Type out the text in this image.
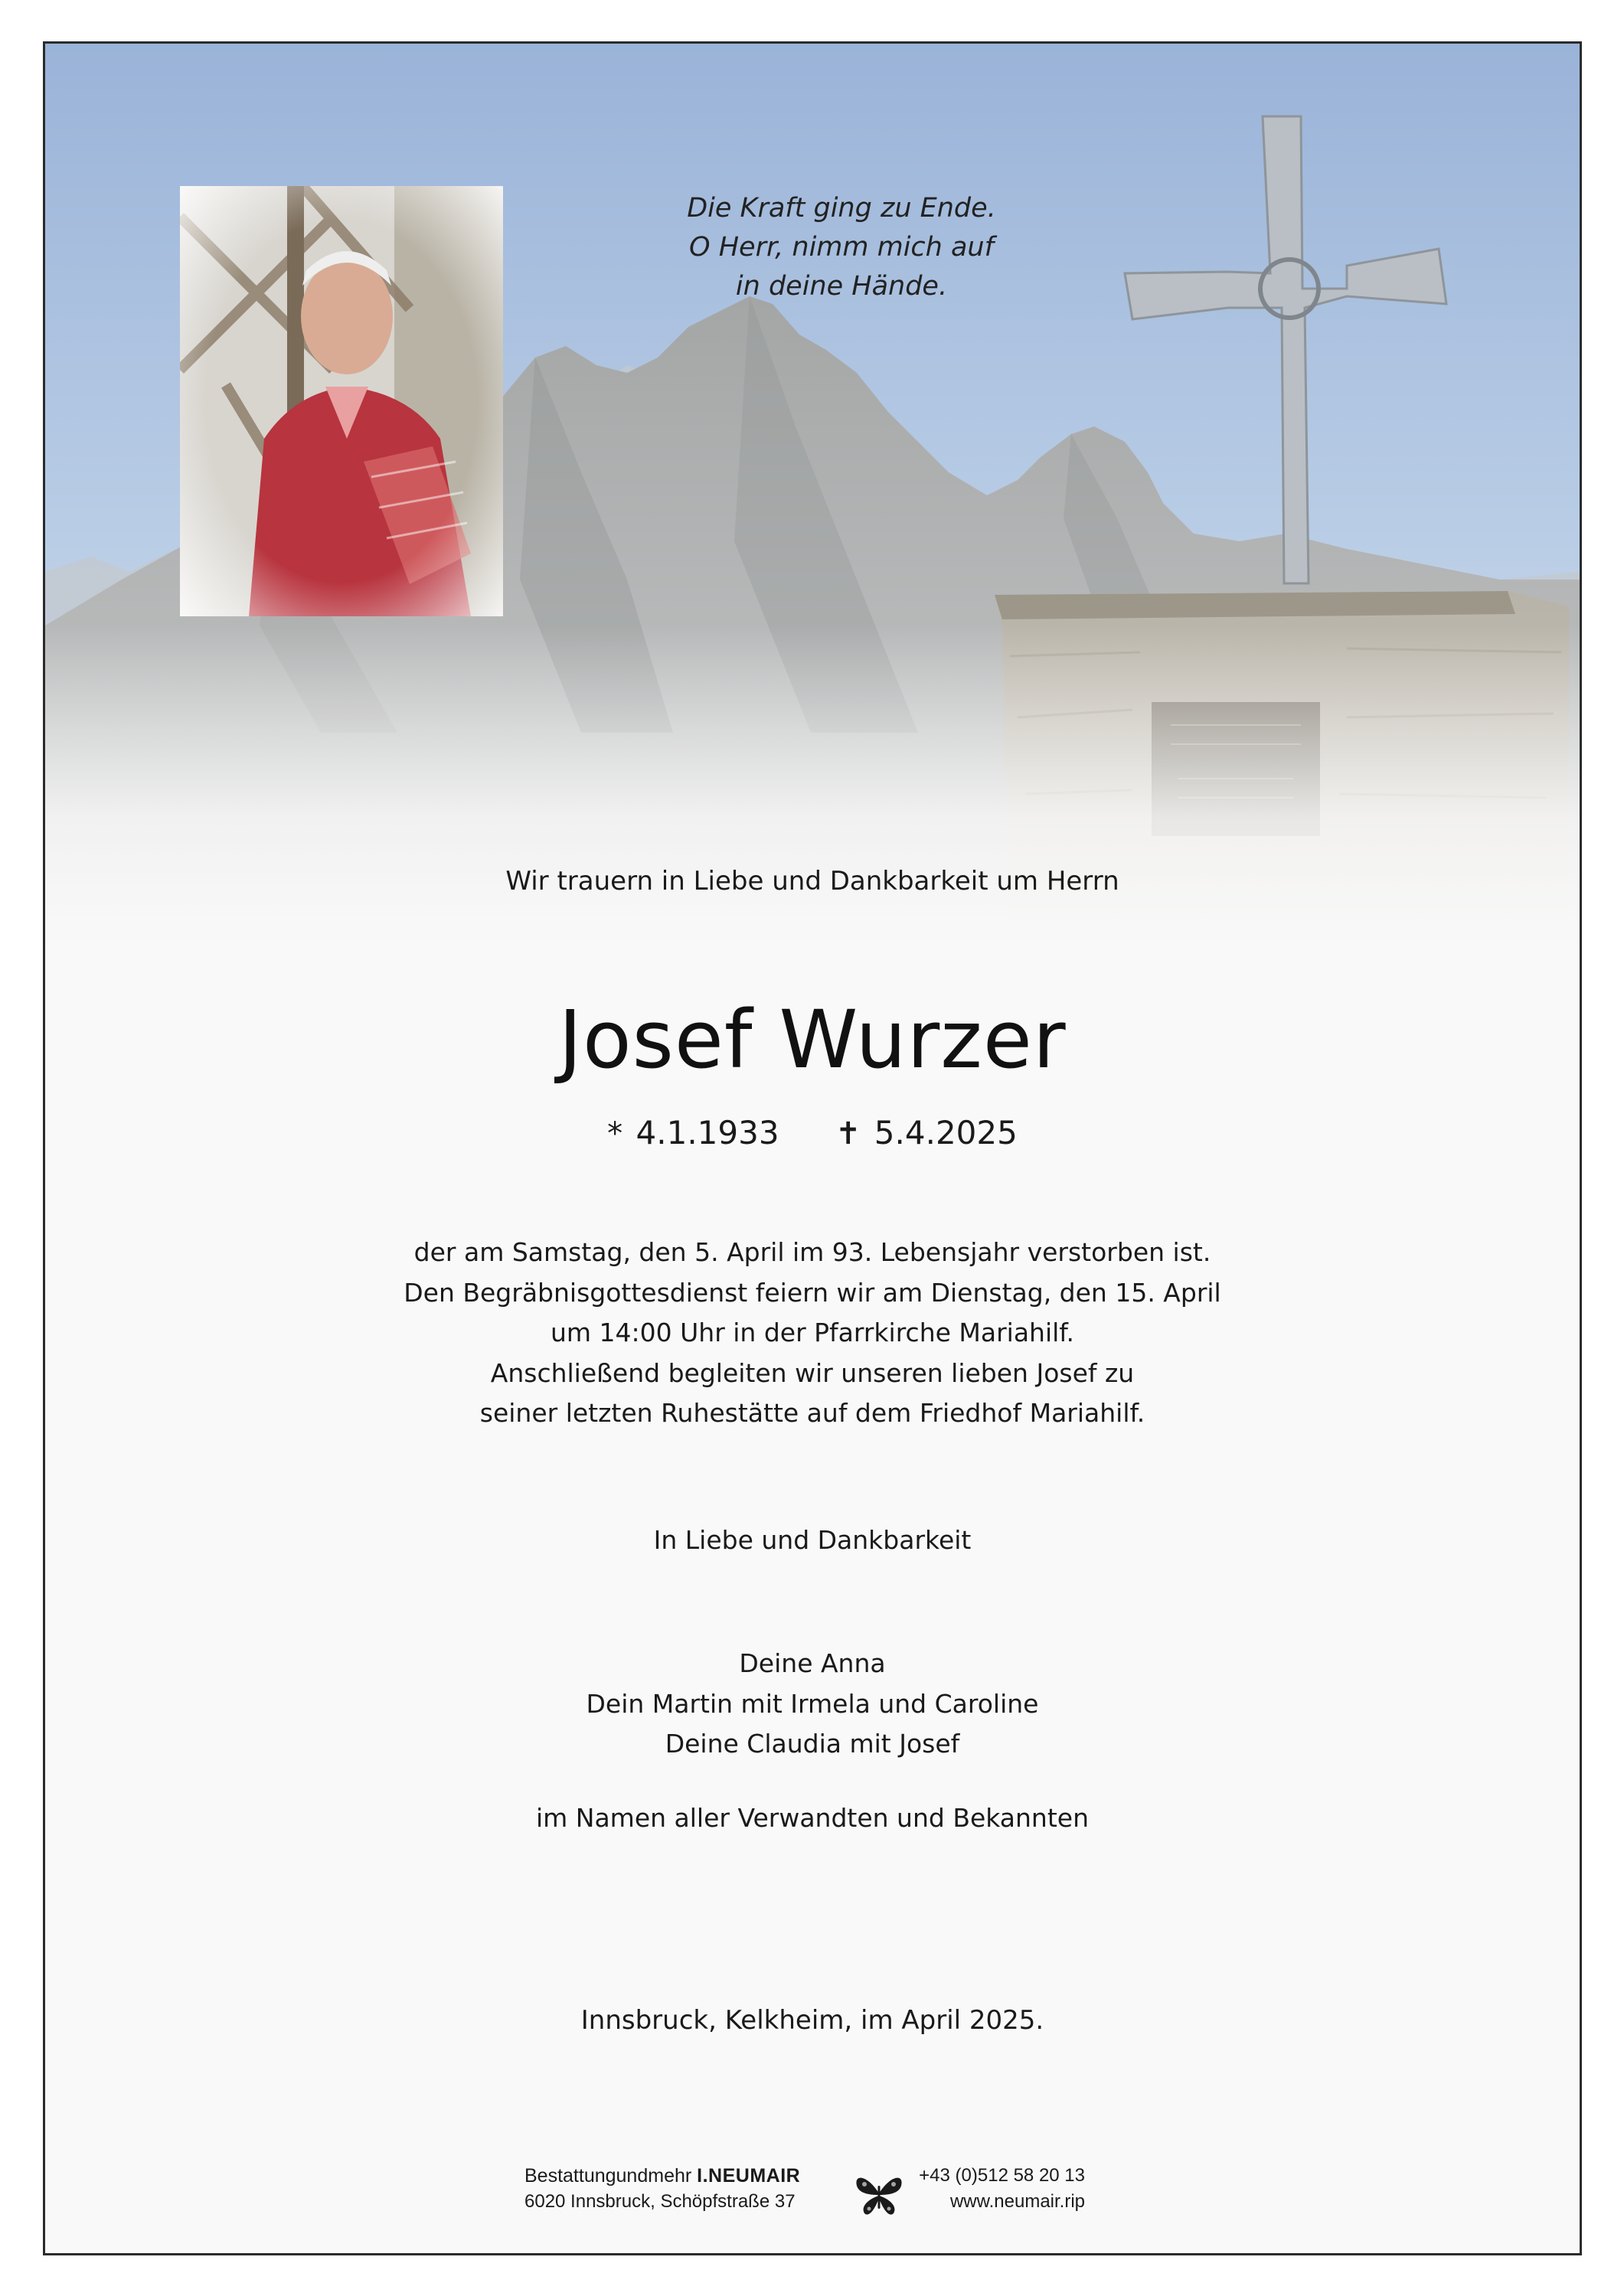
Die Kraft ging zu Ende.
O Herr, nimm mich auf
in deine Hände.
Wir trauern in Liebe und Dankbarkeit um Herrn
Josef Wurzer
* 4.1.1933 ✝ 5.4.2025
der am Samstag, den 5. April im 93. Lebensjahr verstorben ist.
Den Begräbnisgottesdienst feiern wir am Dienstag, den 15. April
um 14:00 Uhr in der Pfarrkirche Mariahilf.
Anschließend begleiten wir unseren lieben Josef zu
seiner letzten Ruhestätte auf dem Friedhof Mariahilf.
In Liebe und Dankbarkeit
Deine Anna
Dein Martin mit Irmela und Caroline
Deine Claudia mit Josef
im Namen aller Verwandten und Bekannten
Innsbruck, Kelkheim, im April 2025.
Bestattungundmehr I.NEUMAIR
6020 Innsbruck, Schöpfstraße 37
+43 (0)512 58 20 13
www.neumair.rip
